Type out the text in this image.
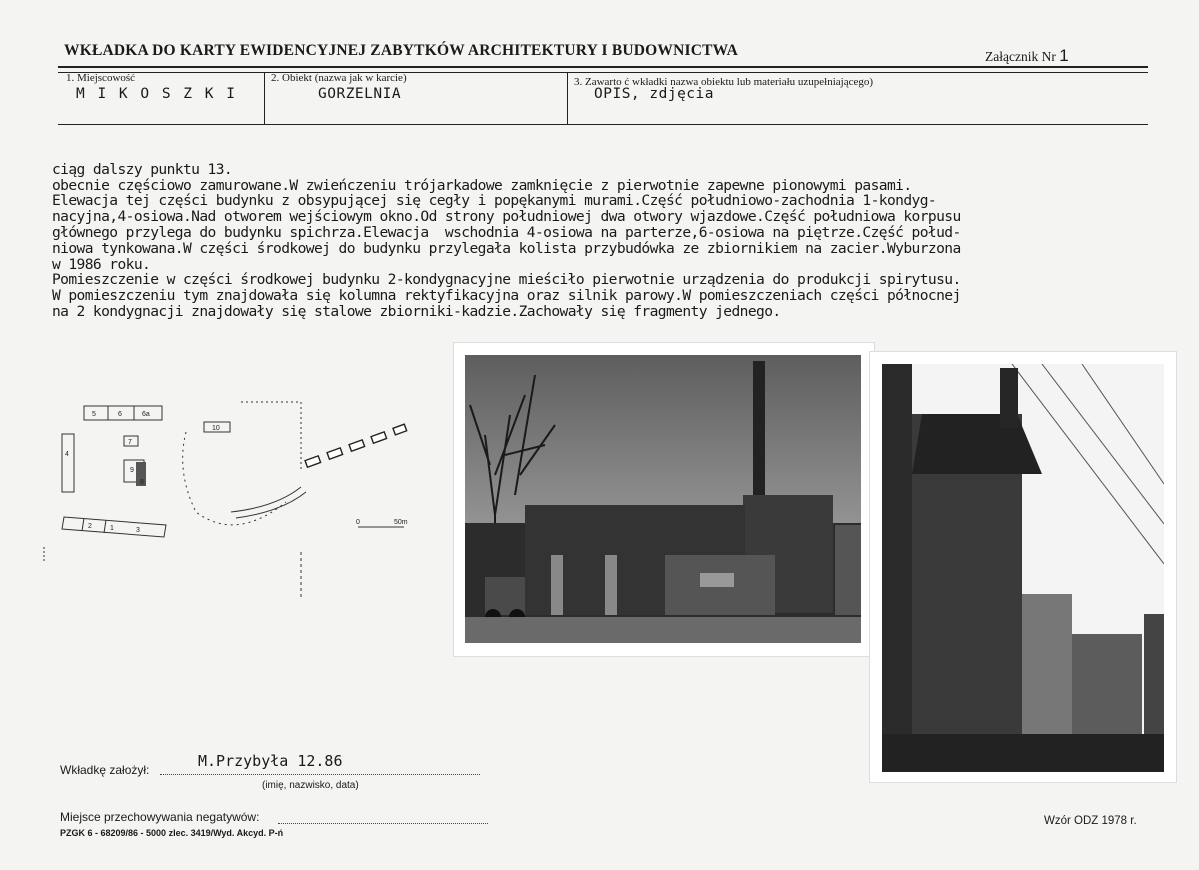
WKŁADKA DO KARTY EWIDENCYJNEJ ZABYTKÓW ARCHITEKTURY I BUDOWNICTWA	Załącznik Nr 1
1. Miejscowość
M I K O S Z K I
2. Obiekt (nazwa jak w karcie)
GORZELNIA
3. Zawarto ć wkładki nazwa obiektu lub materiału uzupełniającego)
OPIS, zdjęcia

ciąg dalszy punktu 13.
obecnie częściowo zamurowane.W zwieńczeniu trójarkadowe zamknięcie z pierwotnie zapewne pionowymi pasami.
Elewacja tej części budynku z obsypującej się cegły i popękanymi murami.Część południowo-zachodnia 1-kondyg-
nacyjna,4-osiowa.Nad otworem wejściowym okno.Od strony południowej dwa otwory wjazdowe.Część południowa korpusu
głównego przylega do budynku spichrza.Elewacja  wschodnia 4-osiowa na parterze,6-osiowa na piętrze.Część połud-
niowa tynkowana.W części środkowej do budynku przylegała kolista przybudówka ze zbiornikiem na zacier.Wyburzona
w 1986 roku.
Pomieszczenie w części środkowej budynku 2-kondygnacyjne mieściło pierwotnie urządzenia do produkcji spirytusu.
W pomieszczeniu tym znajdowała się kolumna rektyfikacyjna oraz silnik parowy.W pomieszczeniach części północnej
na 2 kondygnacji znajdowały się stalowe zbiorniki-kadzie.Zachowały się fragmenty jednego.

5	6	6a
4
7
8
9
10
2	1	3
0	50m
Wkładkę założył:	M.Przybyła 12.86
(imię, nazwisko, data)
Miejsce przechowywania negatywów:
PZGK 6 - 68209/86 - 5000 zlec. 3419/Wyd. Akcyd. P-ń
Wzór ODZ 1978 r.
